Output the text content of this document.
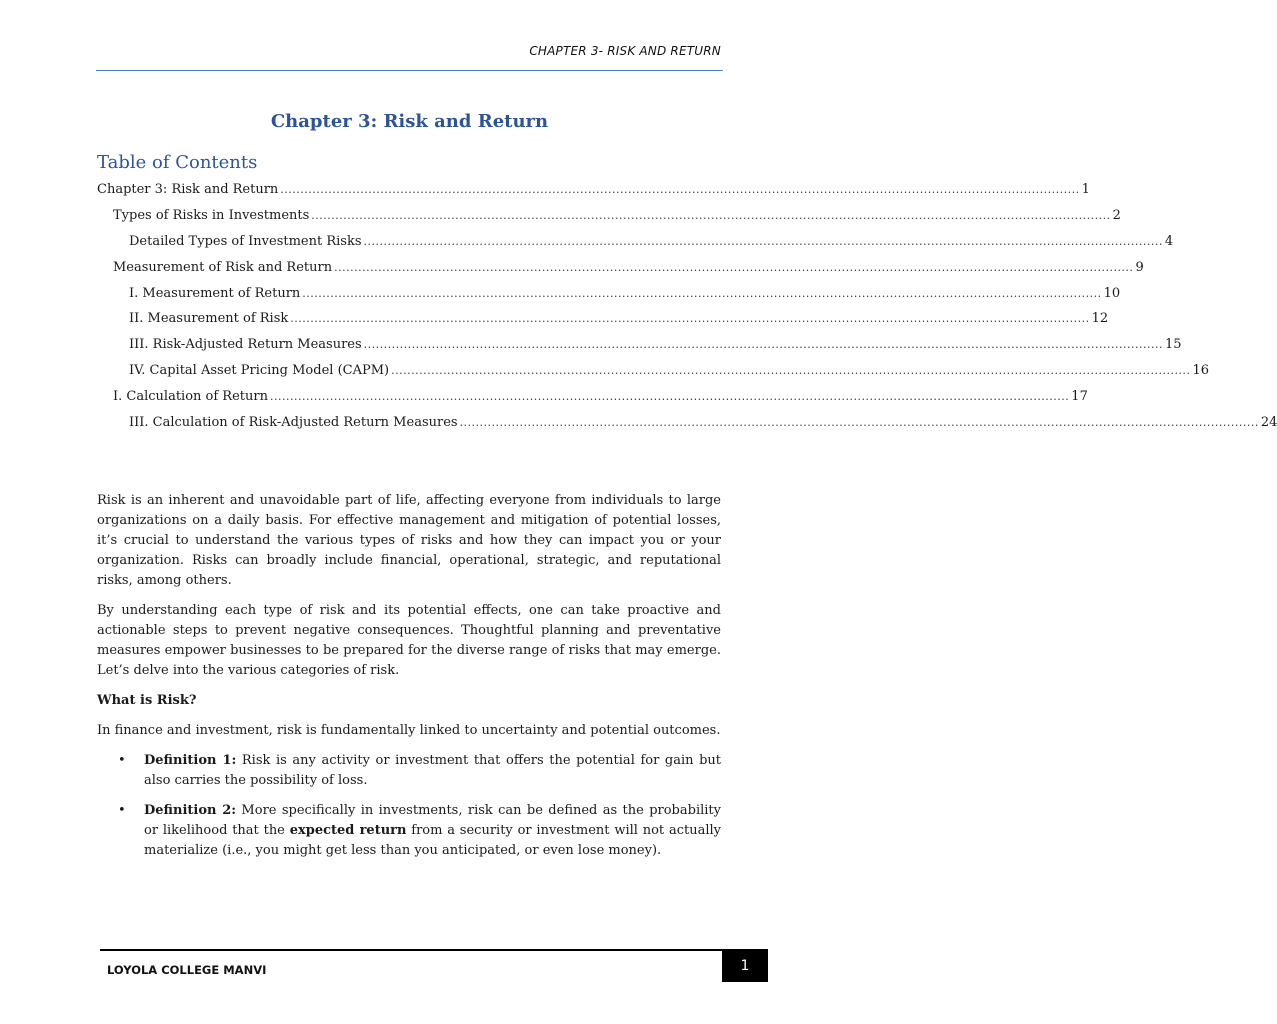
CHAPTER 3- RISK AND RETURN
Chapter 3: Risk and Return
Table of Contents
Chapter 3: Risk and Return ........................................................................................................................................................................................................ 1
Types of Risks in Investments ........................................................................................................................................................................................................ 2
Detailed Types of Investment Risks ........................................................................................................................................................................................................ 4
Measurement of Risk and Return ........................................................................................................................................................................................................ 9
I. Measurement of Return ........................................................................................................................................................................................................ 10
II. Measurement of Risk ........................................................................................................................................................................................................ 12
III. Risk-Adjusted Return Measures ........................................................................................................................................................................................................ 15
IV. Capital Asset Pricing Model (CAPM) ........................................................................................................................................................................................................ 16
I. Calculation of Return ........................................................................................................................................................................................................ 17
III. Calculation of Risk-Adjusted Return Measures ........................................................................................................................................................................................................ 24

Risk is an inherent and unavoidable part of life, affecting everyone from individuals to large organizations on a daily basis. For effective management and mitigation of potential losses, it’s crucial to understand the various types of risks and how they can impact you or your organization. Risks can broadly include financial, operational, strategic, and reputational risks, among others.

By understanding each type of risk and its potential effects, one can take proactive and actionable steps to prevent negative consequences. Thoughtful planning and preventative measures empower businesses to be prepared for the diverse range of risks that may emerge. Let’s delve into the various categories of risk.

What is Risk?

In finance and investment, risk is fundamentally linked to uncertainty and potential outcomes.

• Definition 1: Risk is any activity or investment that offers the potential for gain but also carries the possibility of loss.
• Definition 2: More specifically in investments, risk can be defined as the probability or likelihood that the expected return from a security or investment will not actually materialize (i.e., you might get less than you anticipated, or even lose money).
LOYOLA COLLEGE MANVI	1
